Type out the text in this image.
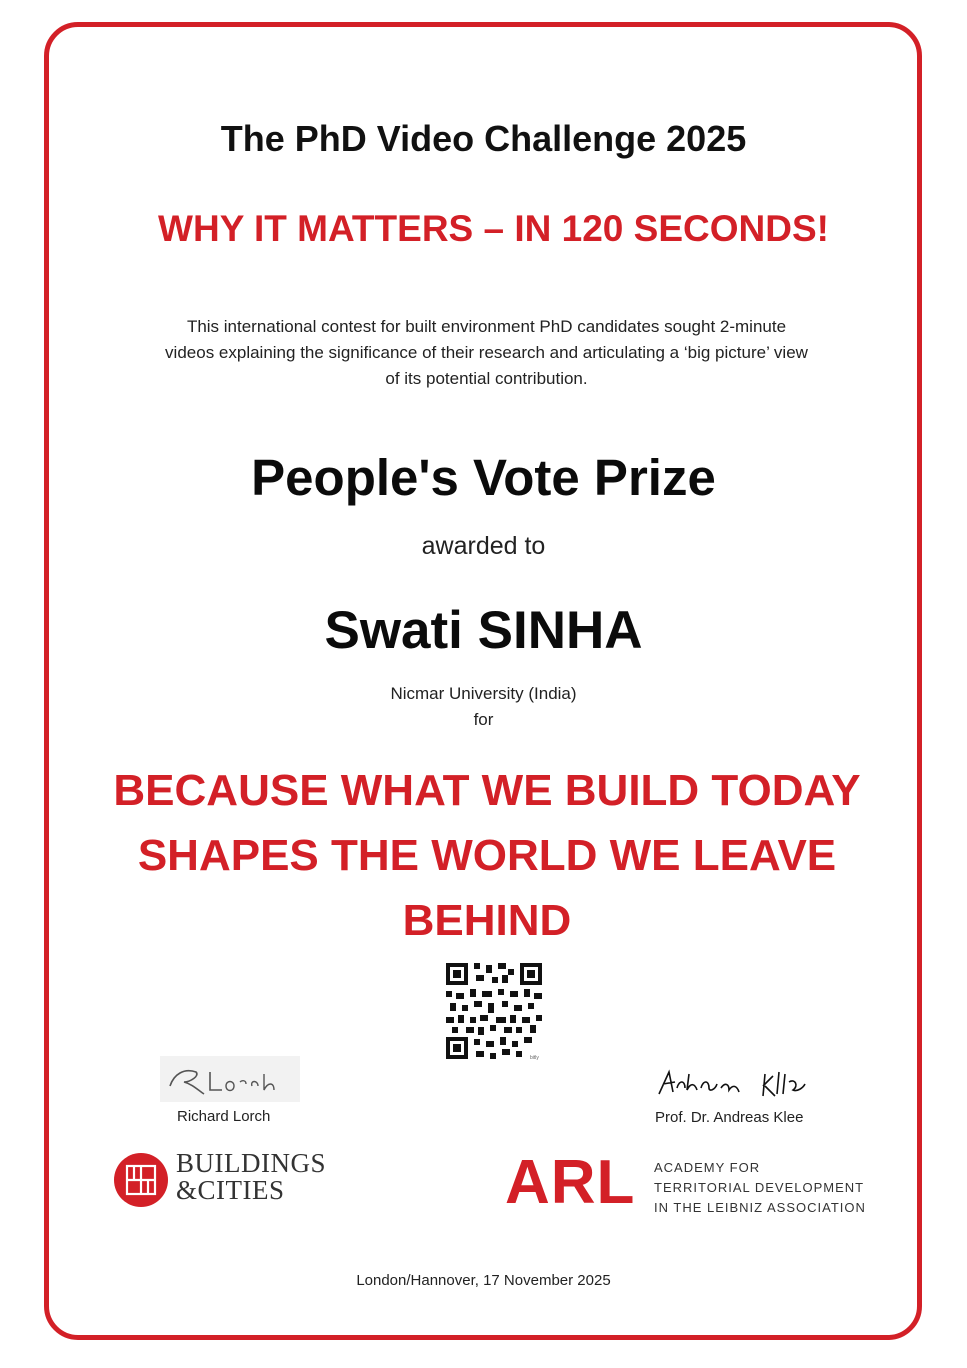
The PhD Video Challenge 2025
WHY IT MATTERS – IN 120 SECONDS!
This international contest for built environment PhD candidates sought 2-minute
videos explaining the significance of their research and articulating a ‘big picture’ view
of its potential contribution.
People's Vote Prize
awarded to
Swati SINHA
Nicmar University (India)
for
BECAUSE WHAT WE BUILD TODAY
SHAPES THE WORLD WE LEAVE
BEHIND
bitly
Richard Lorch	Prof. Dr. Andreas Klee
BUILDINGS
&CITIES	ARL ACADEMY FOR
TERRITORIAL DEVELOPMENT
IN THE LEIBNIZ ASSOCIATION
London/Hannover, 17 November 2025
